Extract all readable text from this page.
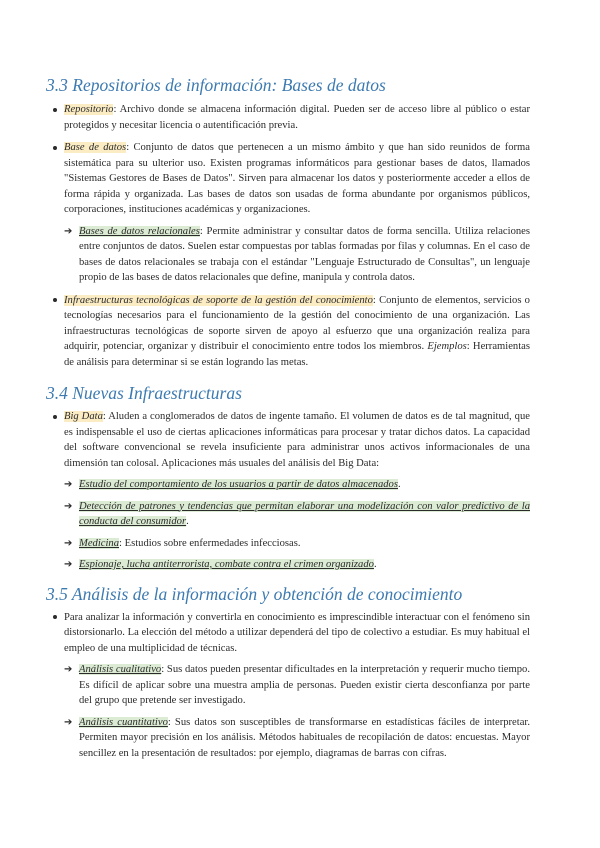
3.3 Repositorios de información: Bases de datos
Repositorio: Archivo donde se almacena información digital. Pueden ser de acceso libre al público o estar protegidos y necesitar licencia o autentificación previa.
Base de datos: Conjunto de datos que pertenecen a un mismo ámbito y que han sido reunidos de forma sistemática para su ulterior uso. Existen programas informáticos para gestionar bases de datos, llamados "Sistemas Gestores de Bases de Datos". Sirven para almacenar los datos y posteriormente acceder a ellos de forma rápida y organizada. Las bases de datos son usadas de forma abundante por organismos públicos, corporaciones, instituciones académicas y organizaciones.
➔ Bases de datos relacionales: Permite administrar y consultar datos de forma sencilla. Utiliza relaciones entre conjuntos de datos. Suelen estar compuestas por tablas formadas por filas y columnas. En el caso de bases de datos relacionales se trabaja con el estándar "Lenguaje Estructurado de Consultas", un lenguaje propio de las bases de datos relacionales que define, manipula y controla datos.
Infraestructuras tecnológicas de soporte de la gestión del conocimiento: Conjunto de elementos, servicios o tecnologías necesarios para el funcionamiento de la gestión del conocimiento de una organización. Las infraestructuras tecnológicas de soporte sirven de apoyo al esfuerzo que una organización realiza para adquirir, potenciar, organizar y distribuir el conocimiento entre todos los miembros. Ejemplos: Herramientas de análisis para determinar si se están logrando las metas.
3.4 Nuevas Infraestructuras
Big Data: Aluden a conglomerados de datos de ingente tamaño. El volumen de datos es de tal magnitud, que es indispensable el uso de ciertas aplicaciones informáticas para procesar y tratar dichos datos. La capacidad del software convencional se revela insuficiente para administrar unos activos informacionales de una dimensión tan colosal. Aplicaciones más usuales del análisis del Big Data:
➔ Estudio del comportamiento de los usuarios a partir de datos almacenados.
➔ Detección de patrones y tendencias que permitan elaborar una modelización con valor predictivo de la conducta del consumidor.
➔ Medicina: Estudios sobre enfermedades infecciosas.
➔ Espionaje, lucha antiterrorista, combate contra el crimen organizado.
3.5 Análisis de la información y obtención de conocimiento
Para analizar la información y convertirla en conocimiento es imprescindible interactuar con el fenómeno sin distorsionarlo. La elección del método a utilizar dependerá del tipo de colectivo a estudiar. Es muy habitual el empleo de una multiplicidad de técnicas.
➔ Análisis cualitativo: Sus datos pueden presentar dificultades en la interpretación y requerir mucho tiempo. Es difícil de aplicar sobre una muestra amplia de personas. Pueden existir cierta desconfianza por parte del grupo que pretende ser investigado.
➔ Análisis cuantitativo: Sus datos son susceptibles de transformarse en estadísticas fáciles de interpretar. Permiten mayor precisión en los análisis. Métodos habituales de recopilación de datos: encuestas. Mayor sencillez en la presentación de resultados: por ejemplo, diagramas de barras con cifras.
